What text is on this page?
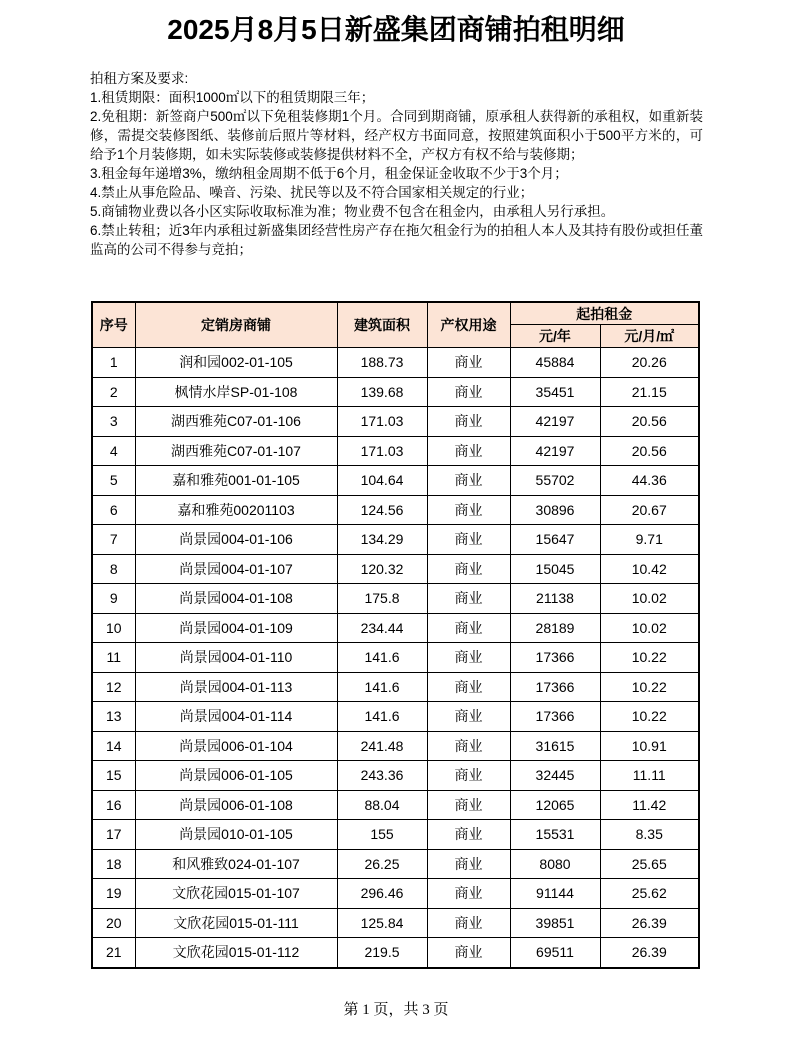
2025月8月5日新盛集团商铺拍租明细
拍租方案及要求:
1.租赁期限：面积1000㎡以下的租赁期限三年；
2.免租期：新签商户500㎡以下免租装修期1个月。合同到期商铺，原承租人获得新的承租权，如重新装修，需提交装修图纸、装修前后照片等材料，经产权方书面同意，按照建筑面积小于500平方米的，可给予1个月装修期，如未实际装修或装修提供材料不全，产权方有权不给与装修期；
3.租金每年递增3%，缴纳租金周期不低于6个月，租金保证金收取不少于3个月；
4.禁止从事危险品、噪音、污染、扰民等以及不符合国家相关规定的行业；
5.商铺物业费以各小区实际收取标准为准；物业费不包含在租金内，由承租人另行承担。
6.禁止转租；近3年内承租过新盛集团经营性房产存在拖欠租金行为的拍租人本人及其持有股份或担任董监高的公司不得参与竞拍；
序号	定销房商铺	建筑面积	产权用途	起拍租金	
				元/年	元/月/㎡
1	润和园002-01-105	188.73	商业	45884	20.26
2	枫情水岸SP-01-108	139.68	商业	35451	21.15
3	湖西雅苑C07-01-106	171.03	商业	42197	20.56
4	湖西雅苑C07-01-107	171.03	商业	42197	20.56
5	嘉和雅苑001-01-105	104.64	商业	55702	44.36
6	嘉和雅苑00201103	124.56	商业	30896	20.67
7	尚景园004-01-106	134.29	商业	15647	9.71
8	尚景园004-01-107	120.32	商业	15045	10.42
9	尚景园004-01-108	175.8	商业	21138	10.02
10	尚景园004-01-109	234.44	商业	28189	10.02
11	尚景园004-01-110	141.6	商业	17366	10.22
12	尚景园004-01-113	141.6	商业	17366	10.22
13	尚景园004-01-114	141.6	商业	17366	10.22
14	尚景园006-01-104	241.48	商业	31615	10.91
15	尚景园006-01-105	243.36	商业	32445	11.11
16	尚景园006-01-108	88.04	商业	12065	11.42
17	尚景园010-01-105	155	商业	15531	8.35
18	和风雅致024-01-107	26.25	商业	8080	25.65
19	文欣花园015-01-107	296.46	商业	91144	25.62
20	文欣花园015-01-111	125.84	商业	39851	26.39
21	文欣花园015-01-112	219.5	商业	69511	26.39
第 1 页，共 3 页
